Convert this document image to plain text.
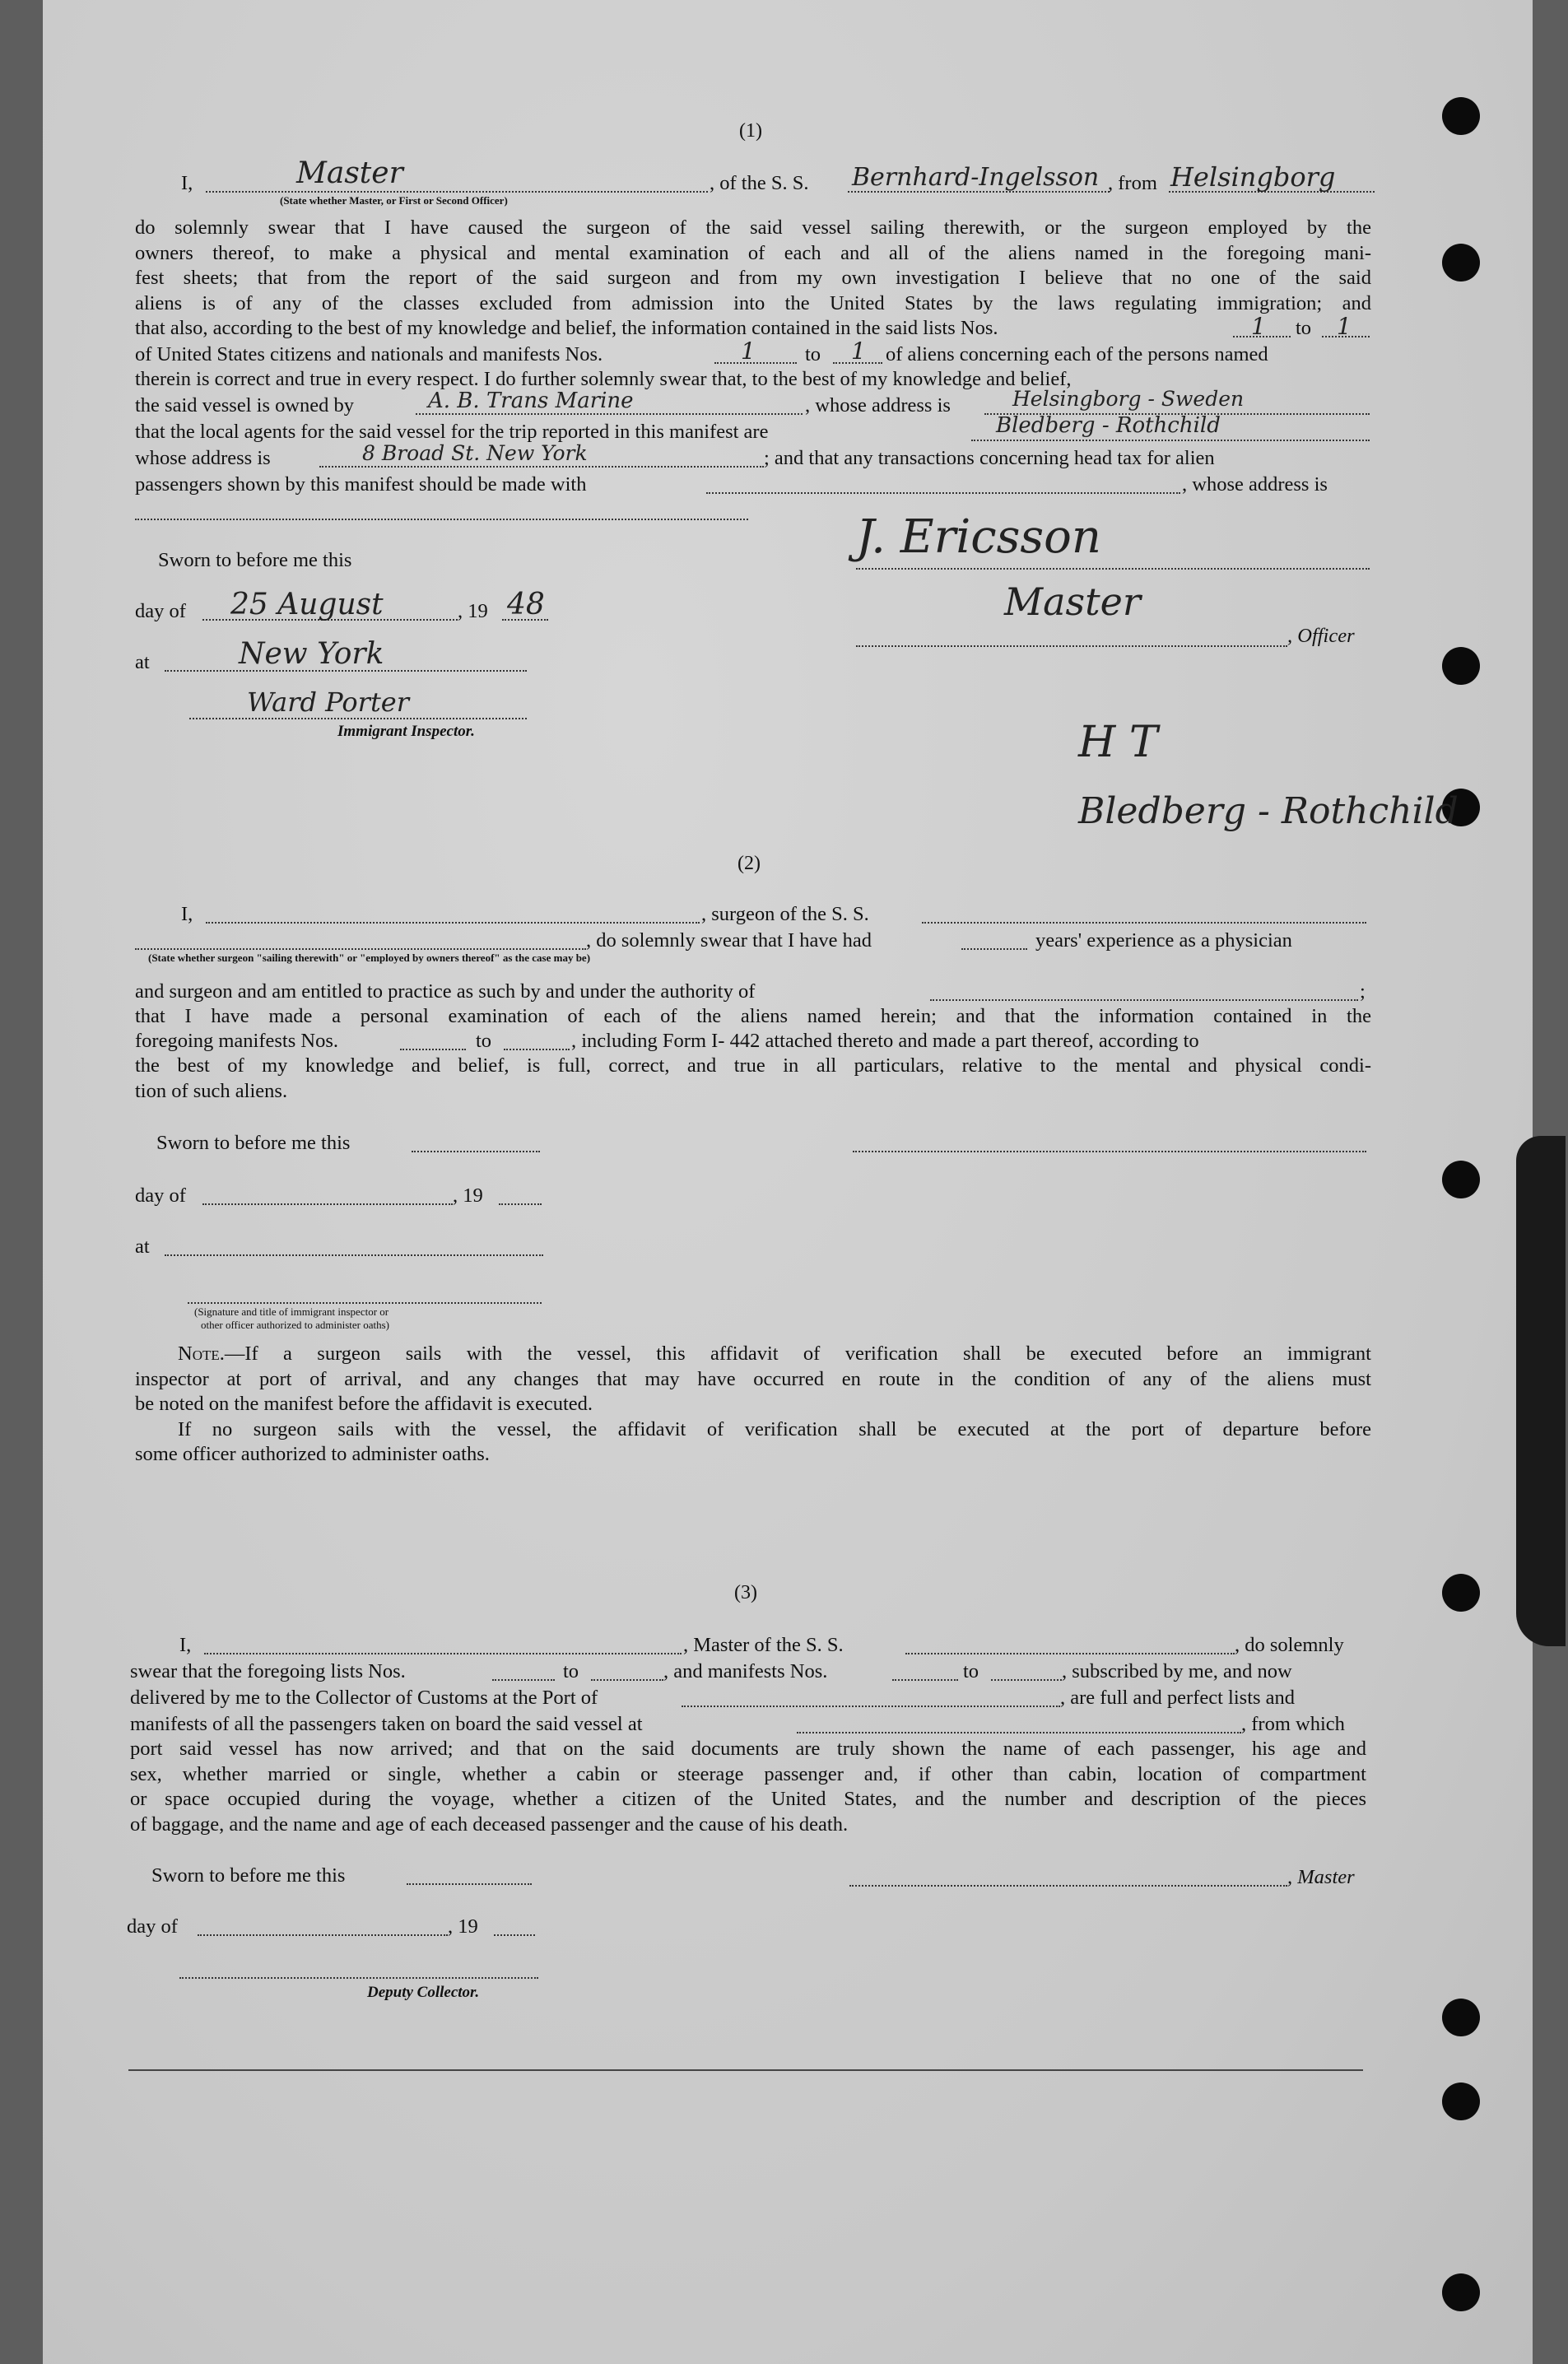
(1)
I,	Master
(State whether Master, or First or Second Officer)
, of the S. S. Bernhard-Ingelsson , from Helsingborg
do solemnly swear that I have caused the surgeon of the said vessel sailing therewith, or the surgeon employed by the
owners thereof, to make a physical and mental examination of each and all of the aliens named in the foregoing mani-
fest sheets; that from the report of the said surgeon and from my own investigation I believe that no one of the said
aliens is of any of the classes excluded from admission into the United States by the laws regulating immigration; and
that also, according to the best of my knowledge and belief, the information contained in the said lists Nos.	1 to 1
of United States citizens and nationals and manifests Nos.	1 to 1 of aliens concerning each of the persons named
therein is correct and true in every respect. I do further solemnly swear that, to the best of my knowledge and belief,
the said vessel is owned by	A. B. Trans Marine	, whose address is	Helsingborg - Sweden
that the local agents for the said vessel for the trip reported in this manifest are	Bledberg - Rothchild
whose address is	8 Broad St. New York	; and that any transactions concerning head tax for alien
passengers shown by this manifest should be made with	, whose address is
Sworn to before me this
day of 25 August	, 19 48
at	New York
Ward Porter
Immigrant Inspector.
J. Ericsson
Master
, Officer
H T
Bledberg - Rothchild
(2)
I,	, surgeon of the S. S.
, do solemnly swear that I have had	years' experience as a physician
(State whether surgeon "sailing therewith" or "employed by owners thereof" as the case may be)
and surgeon and am entitled to practice as such by and under the authority of	;
that I have made a personal examination of each of the aliens named herein; and that the information contained in the
foregoing manifests Nos.	to	, including Form I- 442 attached thereto and made a part thereof, according to
the best of my knowledge and belief, is full, correct, and true in all particulars, relative to the mental and physical condi-
tion of such aliens.
Sworn to before me this
day of	, 19
at
(Signature and title of immigrant inspector or
other officer authorized to administer oaths)
Note.—If a surgeon sails with the vessel, this affidavit of verification shall be executed before an immigrant
inspector at port of arrival, and any changes that may have occurred en route in the condition of any of the aliens must
be noted on the manifest before the affidavit is executed.
If no surgeon sails with the vessel, the affidavit of verification shall be executed at the port of departure before
some officer authorized to administer oaths.
(3)
I,	, Master of the S. S.	, do solemnly
swear that the foregoing lists Nos.	to	, and manifests Nos.	to	, subscribed by me, and now
delivered by me to the Collector of Customs at the Port of	, are full and perfect lists and
manifests of all the passengers taken on board the said vessel at	, from which
port said vessel has now arrived; and that on the said documents are truly shown the name of each passenger, his age and
sex, whether married or single, whether a cabin or steerage passenger and, if other than cabin, location of compartment
or space occupied during the voyage, whether a citizen of the United States, and the number and description of the pieces
of baggage, and the name and age of each deceased passenger and the cause of his death.
Sworn to before me this	, Master
day of	, 19
Deputy Collector.
